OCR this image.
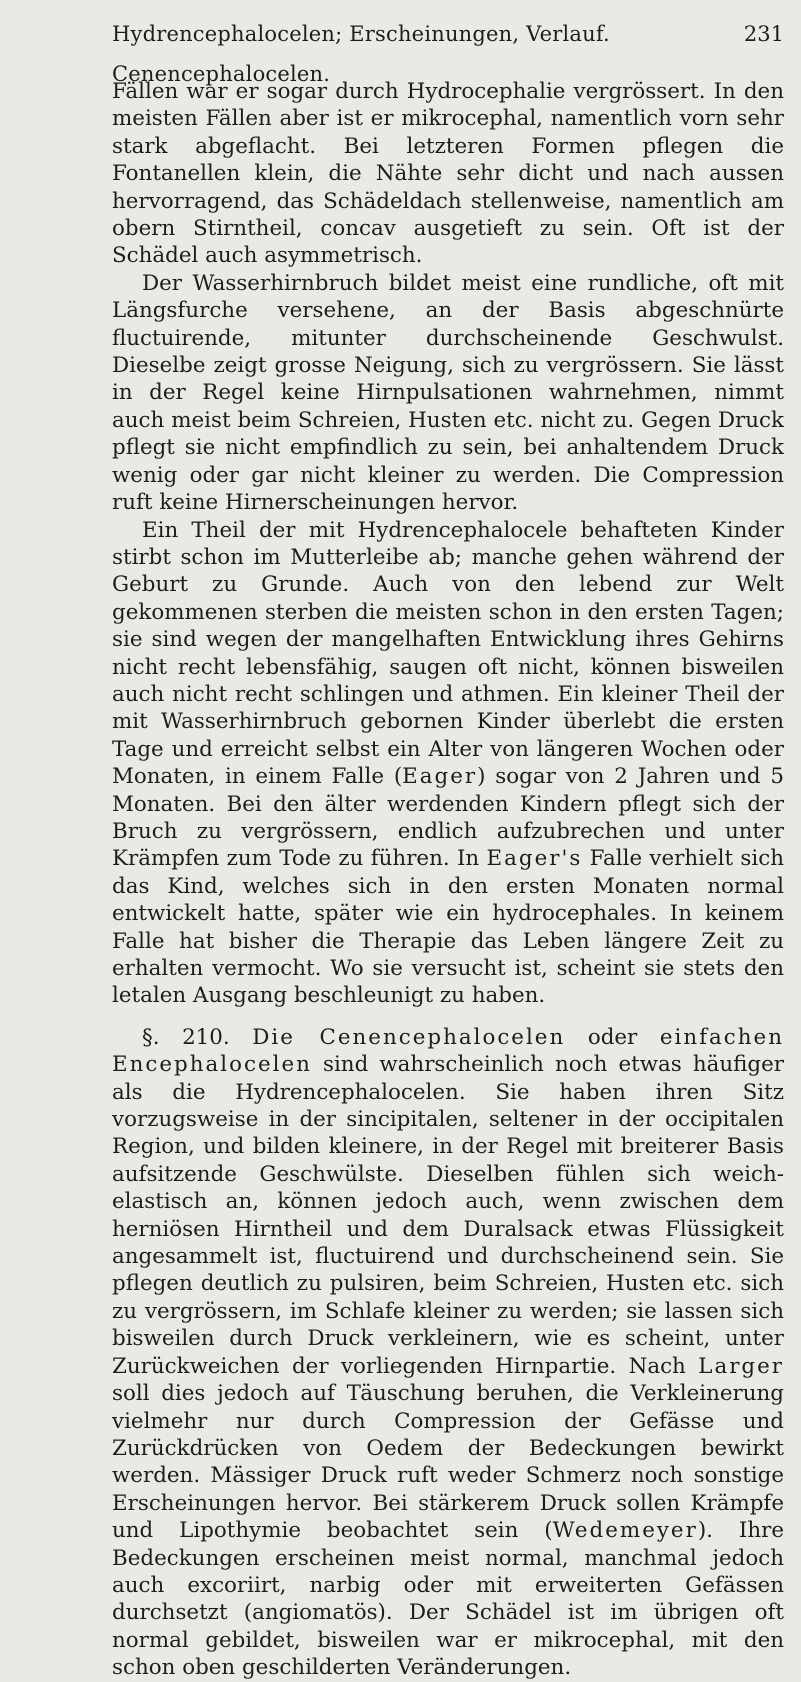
Hydrencephalocelen; Erscheinungen, Verlauf. Cenencephalocelen.
231

Fällen war er sogar durch Hydrocephalie vergrössert. In den meisten Fällen aber ist er mikrocephal, namentlich vorn sehr stark abgeflacht. Bei letzteren Formen pflegen die Fontanellen klein, die Nähte sehr dicht und nach aussen hervorragend, das Schädeldach stellenweise, namentlich am obern Stirntheil, concav ausgetieft zu sein. Oft ist der Schädel auch asymmetrisch.

Der Wasserhirnbruch bildet meist eine rundliche, oft mit Längsfurche versehene, an der Basis abgeschnürte fluctuirende, mitunter durchscheinende Geschwulst. Dieselbe zeigt grosse Neigung, sich zu vergrössern. Sie lässt in der Regel keine Hirnpulsationen wahrnehmen, nimmt auch meist beim Schreien, Husten etc. nicht zu. Gegen Druck pflegt sie nicht empfindlich zu sein, bei anhaltendem Druck wenig oder gar nicht kleiner zu werden. Die Compression ruft keine Hirnerscheinungen hervor.

Ein Theil der mit Hydrencephalocele behafteten Kinder stirbt schon im Mutterleibe ab; manche gehen während der Geburt zu Grunde. Auch von den lebend zur Welt gekommenen sterben die meisten schon in den ersten Tagen; sie sind wegen der mangelhaften Entwicklung ihres Gehirns nicht recht lebensfähig, saugen oft nicht, können bisweilen auch nicht recht schlingen und athmen. Ein kleiner Theil der mit Wasserhirnbruch gebornen Kinder überlebt die ersten Tage und erreicht selbst ein Alter von längeren Wochen oder Monaten, in einem Falle (Eager) sogar von 2 Jahren und 5 Monaten. Bei den älter werdenden Kindern pflegt sich der Bruch zu vergrössern, endlich aufzubrechen und unter Krämpfen zum Tode zu führen. In Eager's Falle verhielt sich das Kind, welches sich in den ersten Monaten normal entwickelt hatte, später wie ein hydrocephales. In keinem Falle hat bisher die Therapie das Leben längere Zeit zu erhalten vermocht. Wo sie versucht ist, scheint sie stets den letalen Ausgang beschleunigt zu haben.

§. 210. Die Cenencephalocelen oder einfachen Encephalocelen sind wahrscheinlich noch etwas häufiger als die Hydrencephalocelen. Sie haben ihren Sitz vorzugsweise in der sincipitalen, seltener in der occipitalen Region, und bilden kleinere, in der Regel mit breiterer Basis aufsitzende Geschwülste. Dieselben fühlen sich weich-elastisch an, können jedoch auch, wenn zwischen dem herniösen Hirntheil und dem Duralsack etwas Flüssigkeit angesammelt ist, fluctuirend und durchscheinend sein. Sie pflegen deutlich zu pulsiren, beim Schreien, Husten etc. sich zu vergrössern, im Schlafe kleiner zu werden; sie lassen sich bisweilen durch Druck verkleinern, wie es scheint, unter Zurückweichen der vorliegenden Hirnpartie. Nach Larger soll dies jedoch auf Täuschung beruhen, die Verkleinerung vielmehr nur durch Compression der Gefässe und Zurückdrücken von Oedem der Bedeckungen bewirkt werden. Mässiger Druck ruft weder Schmerz noch sonstige Erscheinungen hervor. Bei stärkerem Druck sollen Krämpfe und Lipothymie beobachtet sein (Wedemeyer). Ihre Bedeckungen erscheinen meist normal, manchmal jedoch auch excoriirt, narbig oder mit erweiterten Gefässen durchsetzt (angiomatös). Der Schädel ist im übrigen oft normal gebildet, bisweilen war er mikrocephal, mit den schon oben geschilderten Veränderungen.
